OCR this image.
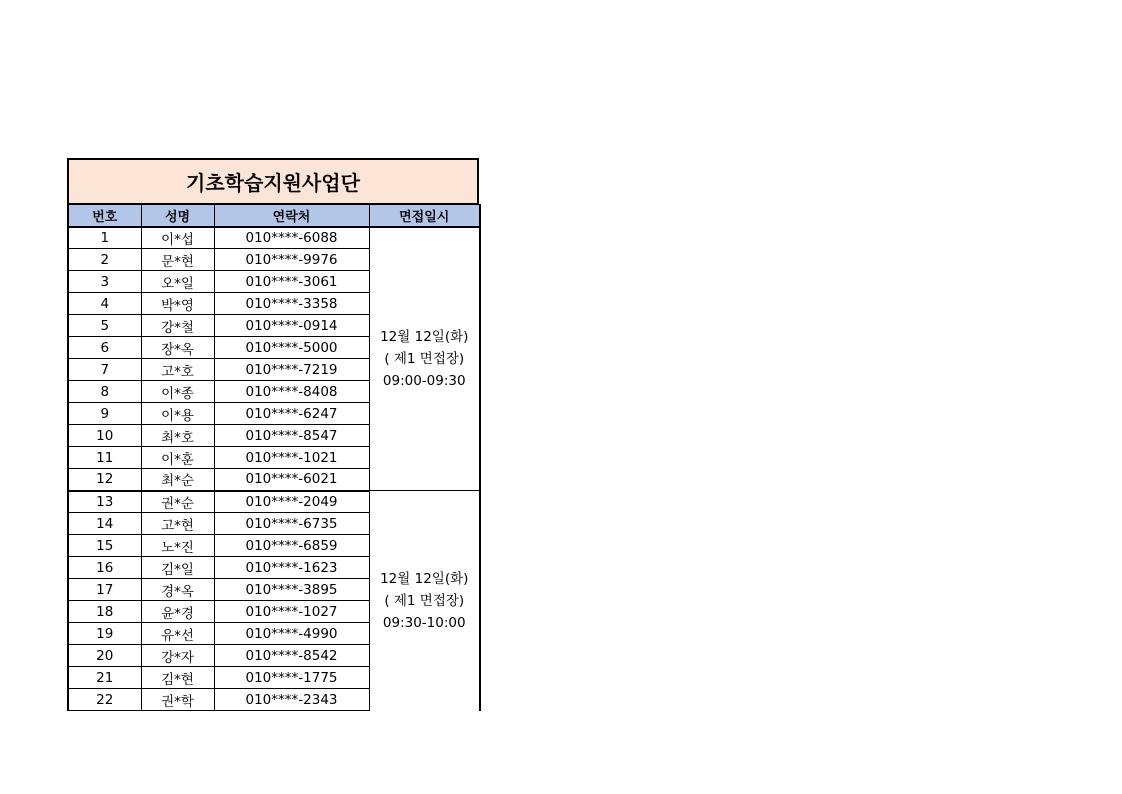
기초학습지원사업단
번호	성명	연락처	면접일시
1	이*섭	010****-6088	12월 12일(화)
( 제1 면접장)
09:00-09:30

2	문*현	010****-9976	
3	오*일	010****-3061	
4	박*영	010****-3358	
5	강*철	010****-0914	
6	장*옥	010****-5000	
7	고*호	010****-7219	
8	이*종	010****-8408	
9	이*용	010****-6247	
10	최*호	010****-8547	
11	이*훈	010****-1021	
12	최*순	010****-6021	
13	권*순	010****-2049	12월 12일(화)
( 제1 면접장)
09:30-10:00

14	고*현	010****-6735	
15	노*진	010****-6859	
16	김*일	010****-1623	
17	경*옥	010****-3895	
18	윤*경	010****-1027	
19	유*선	010****-4990	
20	강*자	010****-8542	
21	김*현	010****-1775	
22	권*학	010****-2343	
